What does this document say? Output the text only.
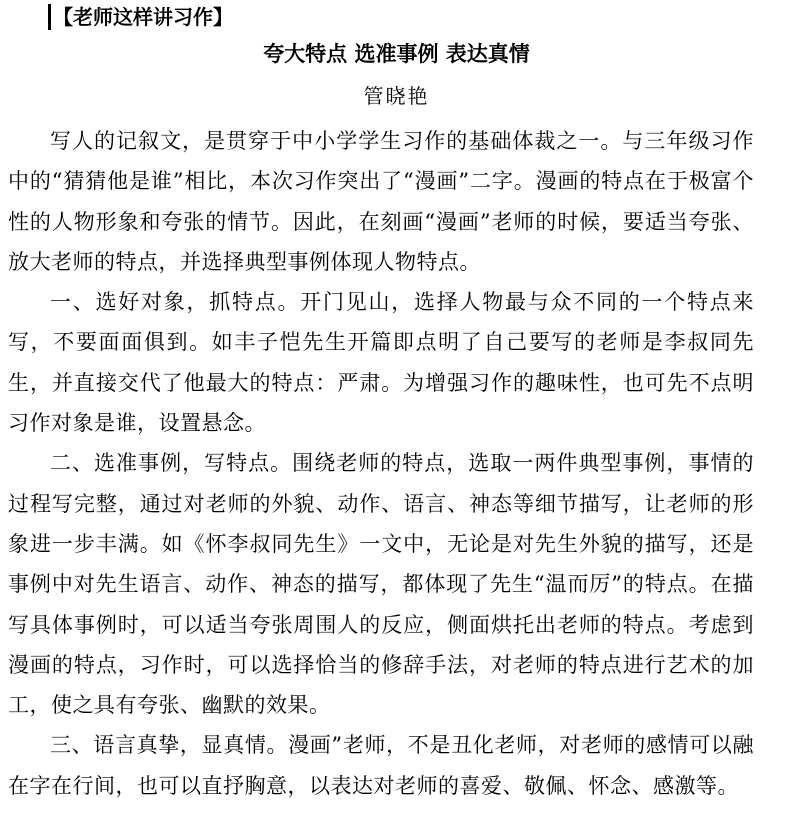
【老师这样讲习作】
夸大特点 选准事例 表达真情
管晓艳

写人的记叙文，是贯穿于中小学学生习作的基础体裁之一。与三年级习作中的“猜猜他是谁”相比，本次习作突出了“漫画”二字。漫画的特点在于极富个性的人物形象和夸张的情节。因此，在刻画“漫画”老师的时候，要适当夸张、放大老师的特点，并选择典型事例体现人物特点。

一、选好对象，抓特点。开门见山，选择人物最与众不同的一个特点来写，不要面面俱到。如丰子恺先生开篇即点明了自己要写的老师是李叔同先生，并直接交代了他最大的特点：严肃。为增强习作的趣味性，也可先不点明习作对象是谁，设置悬念。

二、选准事例，写特点。围绕老师的特点，选取一两件典型事例，事情的过程写完整，通过对老师的外貌、动作、语言、神态等细节描写，让老师的形象进一步丰满。如《怀李叔同先生》一文中，无论是对先生外貌的描写，还是事例中对先生语言、动作、神态的描写，都体现了先生“温而厉”的特点。在描写具体事例时，可以适当夸张周围人的反应，侧面烘托出老师的特点。考虑到漫画的特点，习作时，可以选择恰当的修辞手法，对老师的特点进行艺术的加工，使之具有夸张、幽默的效果。

三、语言真挚，显真情。漫画”老师，不是丑化老师，对老师的感情可以融在字在行间，也可以直抒胸意，以表达对老师的喜爱、敬佩、怀念、感激等。
